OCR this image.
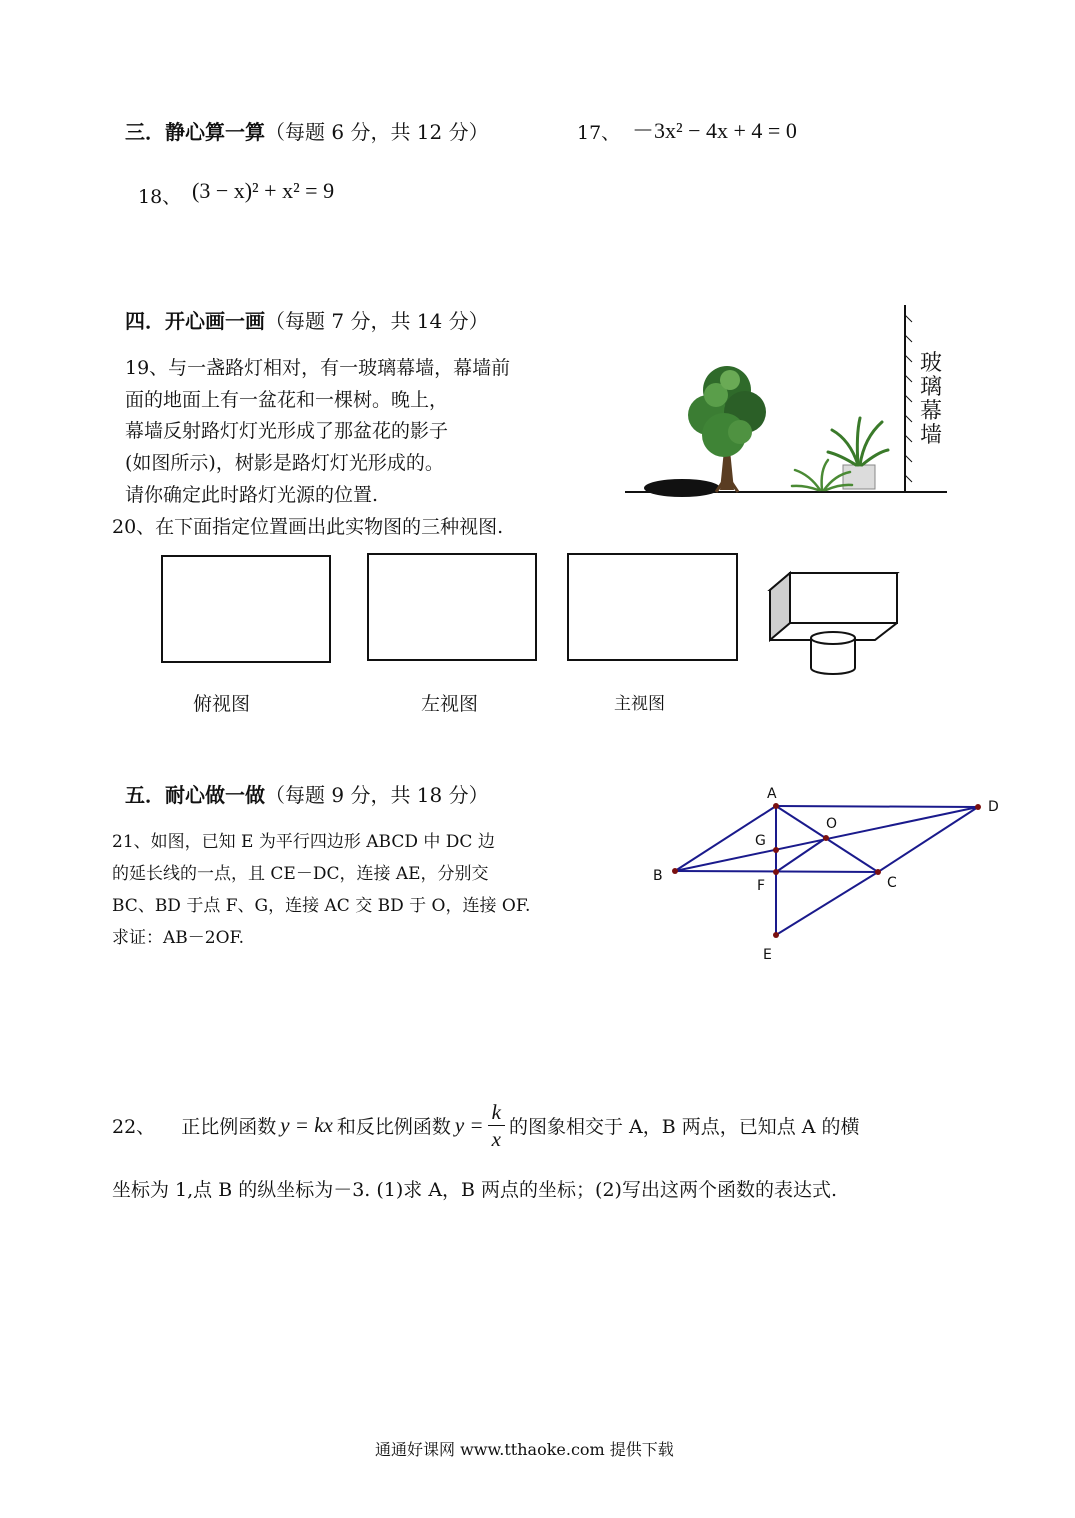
三．静心算一算（每题 6 分，共 12 分）	17、 －3x² − 4x + 4 = 0
18、 (3 − x)² + x² = 9
四．开心画一画（每题 7 分，共 14 分）
19、与一盏路灯相对，有一玻璃幕墙，幕墙前
面的地面上有一盆花和一棵树。晚上，
幕墙反射路灯灯光形成了那盆花的影子
(如图所示)，树影是路灯灯光形成的。
请你确定此时路灯光源的位置.
玻
璃
幕
墙
20、在下面指定位置画出此实物图的三种视图.
俯视图	左视图	主视图
五．耐心做一做（每题 9 分，共 18 分）
21、如图，已知 E 为平行四边形 ABCD 中 DC 边
的延长线的一点，且 CE－DC，连接 AE，分别交
BC、BD 于点 F、G，连接 AC 交 BD 于 O，连接 OF.
求证：AB－2OF.
A
B	C
D
E
F
G
O
22、 正比例函数 y = kx 和反比例函数 $y = \frac{k}{x}$ 的图象相交于 A，B 两点，已知点 A 的横
坐标为 1,点 B 的纵坐标为－3. (1)求 A，B 两点的坐标；(2)写出这两个函数的表达式.
通通好课网 www.tthaoke.com 提供下载
